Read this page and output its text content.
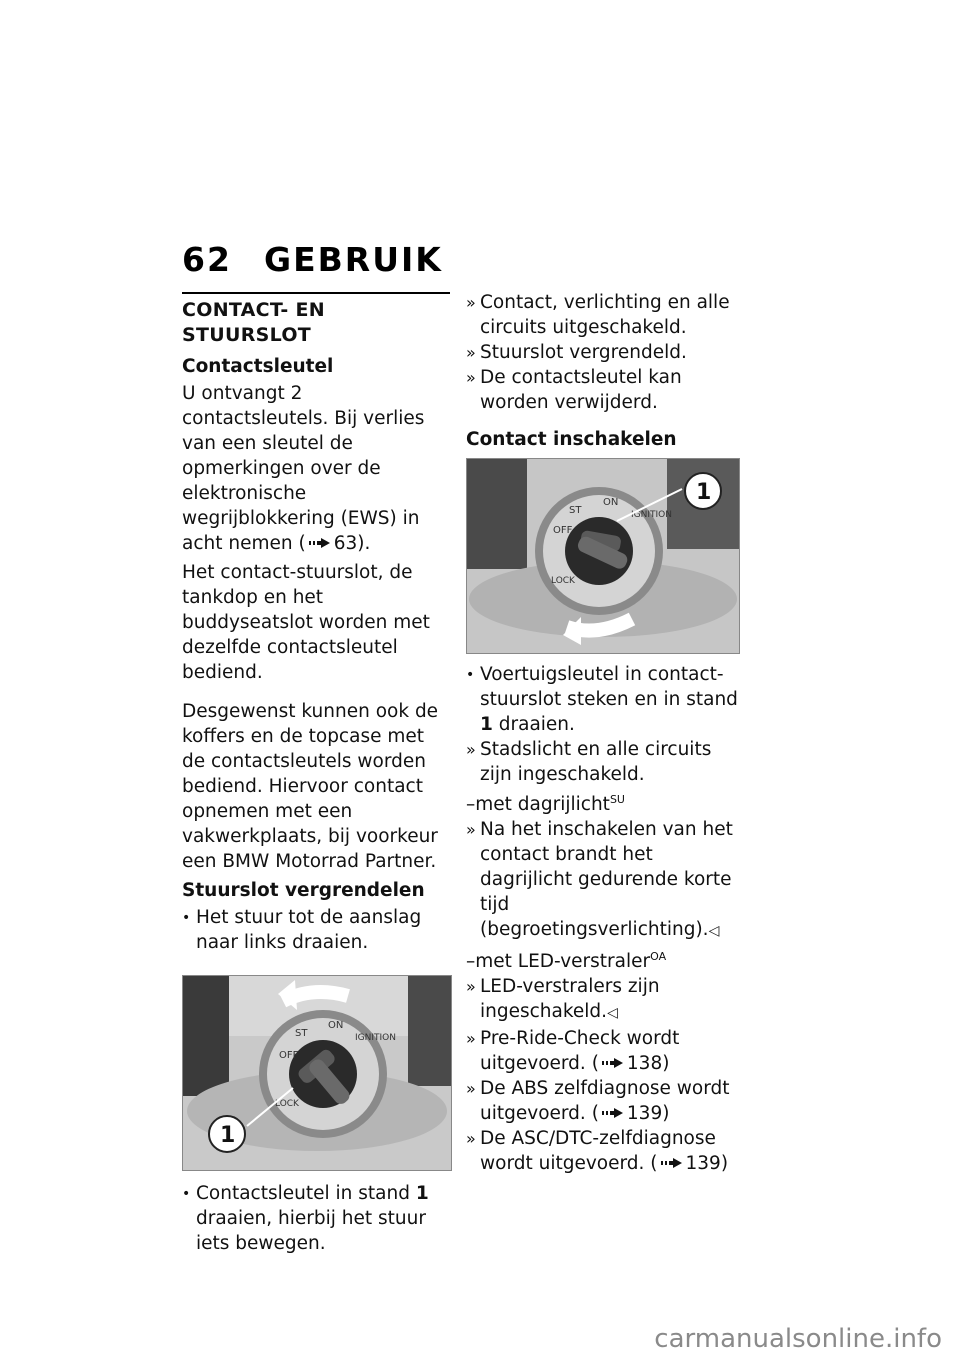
62 GEBRUIK
CONTACT- EN STUURSLOT
Contactsleutel
U ontvangt 2 contactsleutels. Bij verlies van een sleutel de opmerkingen over de elektronische wegrijblokkering (EWS) in acht nemen ( 63).
Het contact-stuurslot, de tankdop en het buddyseatslot worden met dezelfde contactsleutel bediend.
Desgewenst kunnen ook de koffers en de topcase met de contactsleutels worden bediend. Hiervoor contact opnemen met een vakwerkplaats, bij voorkeur een BMW Motorrad Partner.
Stuurslot vergrendelen
• Het stuur tot de aanslag naar links draaien.
OFF
ST
ON
IGNITION
LOCK
1
• Contactsleutel in stand 1 draaien, hierbij het stuur iets bewegen.
» Contact, verlichting en alle circuits uitgeschakeld.
» Stuurslot vergrendeld.
» De contactsleutel kan worden verwijderd.
Contact inschakelen
OFF
ST
ON
IGNITION
LOCK
1
• Voertuigsleutel in contact-stuurslot steken en in stand 1 draaien.
» Stadslicht en alle circuits zijn ingeschakeld.
–met dagrijlicht$^{SU}$
» Na het inschakelen van het contact brandt het dagrijlicht gedurende korte tijd (begroetingsverlichting).◁
–met LED-verstraler$^{OA}$
» LED-verstralers zijn ingeschakeld.◁
» Pre-Ride-Check wordt uitgevoerd. ( 138)
» De ABS zelfdiagnose wordt uitgevoerd. ( 139)
» De ASC/DTC-zelfdiagnose wordt uitgevoerd. ( 139)
carmanualsonline.info
